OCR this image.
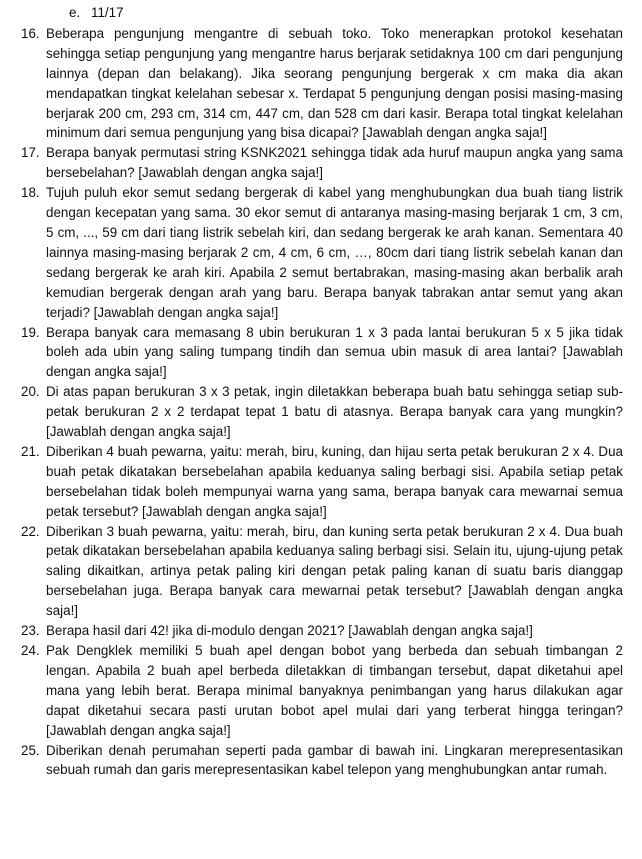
e. 11/17
16. Beberapa pengunjung mengantre di sebuah toko. Toko menerapkan protokol kesehatan sehingga setiap pengunjung yang mengantre harus berjarak setidaknya 100 cm dari pengunjung lainnya (depan dan belakang). Jika seorang pengunjung bergerak x cm maka dia akan mendapatkan tingkat kelelahan sebesar x. Terdapat 5 pengunjung dengan posisi masing-masing berjarak 200 cm, 293 cm, 314 cm, 447 cm, dan 528 cm dari kasir. Berapa total tingkat kelelahan minimum dari semua pengunjung yang bisa dicapai? [Jawablah dengan angka saja!]
17. Berapa banyak permutasi string KSNK2021 sehingga tidak ada huruf maupun angka yang sama bersebelahan? [Jawablah dengan angka saja!]
18. Tujuh puluh ekor semut sedang bergerak di kabel yang menghubungkan dua buah tiang listrik dengan kecepatan yang sama. 30 ekor semut di antaranya masing-masing berjarak 1 cm, 3 cm, 5 cm, ..., 59 cm dari tiang listrik sebelah kiri, dan sedang bergerak ke arah kanan. Sementara 40 lainnya masing-masing berjarak 2 cm, 4 cm, 6 cm, …, 80cm dari tiang listrik sebelah kanan dan sedang bergerak ke arah kiri. Apabila 2 semut bertabrakan, masing-masing akan berbalik arah kemudian bergerak dengan arah yang baru. Berapa banyak tabrakan antar semut yang akan terjadi? [Jawablah dengan angka saja!]
19. Berapa banyak cara memasang 8 ubin berukuran 1 x 3 pada lantai berukuran 5 x 5 jika tidak boleh ada ubin yang saling tumpang tindih dan semua ubin masuk di area lantai? [Jawablah dengan angka saja!]
20. Di atas papan berukuran 3 x 3 petak, ingin diletakkan beberapa buah batu sehingga setiap sub-petak berukuran 2 x 2 terdapat tepat 1 batu di atasnya. Berapa banyak cara yang mungkin? [Jawablah dengan angka saja!]
21. Diberikan 4 buah pewarna, yaitu: merah, biru, kuning, dan hijau serta petak berukuran 2 x 4. Dua buah petak dikatakan bersebelahan apabila keduanya saling berbagi sisi. Apabila setiap petak bersebelahan tidak boleh mempunyai warna yang sama, berapa banyak cara mewarnai semua petak tersebut? [Jawablah dengan angka saja!]
22. Diberikan 3 buah pewarna, yaitu: merah, biru, dan kuning serta petak berukuran 2 x 4. Dua buah petak dikatakan bersebelahan apabila keduanya saling berbagi sisi. Selain itu, ujung-ujung petak saling dikaitkan, artinya petak paling kiri dengan petak paling kanan di suatu baris dianggap bersebelahan juga. Berapa banyak cara mewarnai petak tersebut? [Jawablah dengan angka saja!]
23. Berapa hasil dari 42! jika di-modulo dengan 2021? [Jawablah dengan angka saja!]
24. Pak Dengklek memiliki 5 buah apel dengan bobot yang berbeda dan sebuah timbangan 2 lengan. Apabila 2 buah apel berbeda diletakkan di timbangan tersebut, dapat diketahui apel mana yang lebih berat. Berapa minimal banyaknya penimbangan yang harus dilakukan agar dapat diketahui secara pasti urutan bobot apel mulai dari yang terberat hingga teringan? [Jawablah dengan angka saja!]
25. Diberikan denah perumahan seperti pada gambar di bawah ini. Lingkaran merepresentasikan sebuah rumah dan garis merepresentasikan kabel telepon yang menghubungkan antar rumah.
